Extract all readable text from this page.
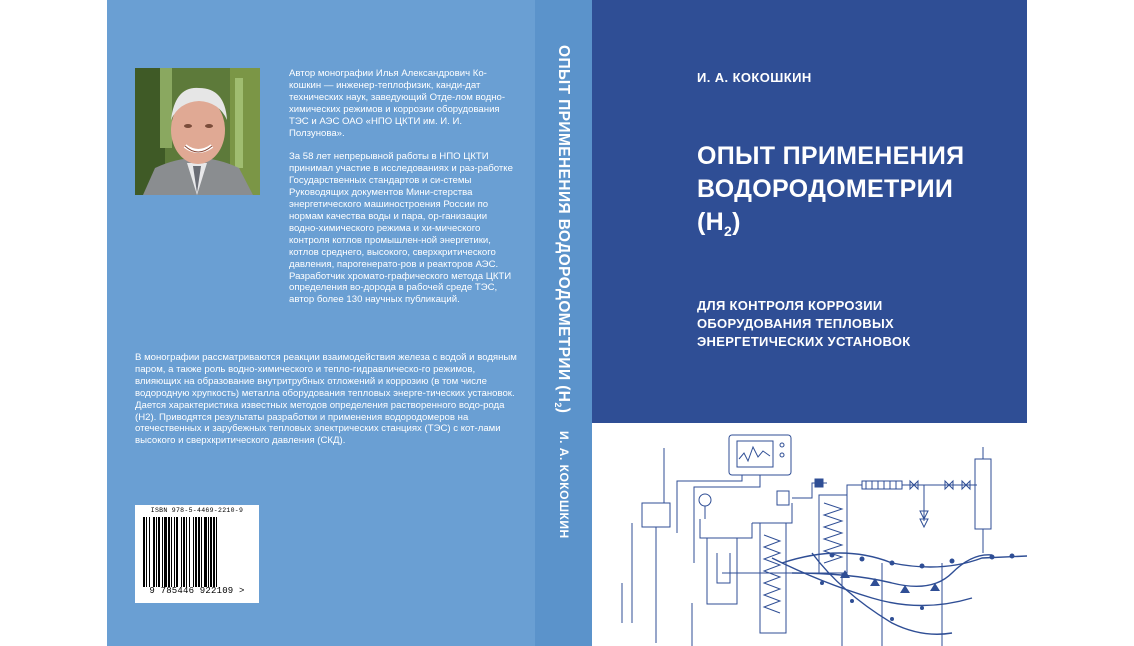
Автор монографии Илья Александрович Ко-кошкин — инженер-теплофизик, канди-дат технических наук, заведующий Отде-лом водно-химических режимов и коррозии оборудования ТЭС и АЭС ОАО «НПО ЦКТИ им. И. И. Ползунова».

За 58 лет непрерывной работы в НПО ЦКТИ принимал участие в исследованиях и раз-работке Государственных стандартов и си-стемы Руководящих документов Мини-стерства энергетического машиностроения России по нормам качества воды и пара, ор-ганизации водно-химического режима и хи-мического контроля котлов промышлен-ной энергетики, котлов среднего, высокого, сверхкритического давления, парогенерато-ров и реакторов АЭС. Разработчик хромато-графического метода ЦКТИ определения во-дорода в рабочей среде ТЭС, автор более 130 научных публикаций.

В монографии рассматриваются реакции взаимодействия железа с водой и водяным паром, а также роль водно-химического и тепло-гидравлическо-го режимов, влияющих на образование внутритрубных отложений и коррозию (в том числе водородную хрупкость) металла оборудования тепловых энерге-тических установок.

Дается характеристика известных методов определения растворенного водо-рода (H2). Приводятся результаты разработки и применения водородомеров на отечественных и зарубежных тепловых электрических станциях (ТЭС) с кот-лами высокого и сверхкритического давления (СКД).

ISBN 978-5-4469-2210-9
9 785446 922109 >
ОПЫТ ПРИМЕНЕНИЯ ВОДОРОДОМЕТРИИ $(H_2)$
И. А. КОКОШКИН
И. А. КОКОШКИН
ОПЫТ ПРИМЕНЕНИЯ
ВОДОРОДОМЕТРИИ
$(H_2)$
ДЛЯ КОНТРОЛЯ КОРРОЗИИ
ОБОРУДОВАНИЯ ТЕПЛОВЫХ
ЭНЕРГЕТИЧЕСКИХ УСТАНОВОК
